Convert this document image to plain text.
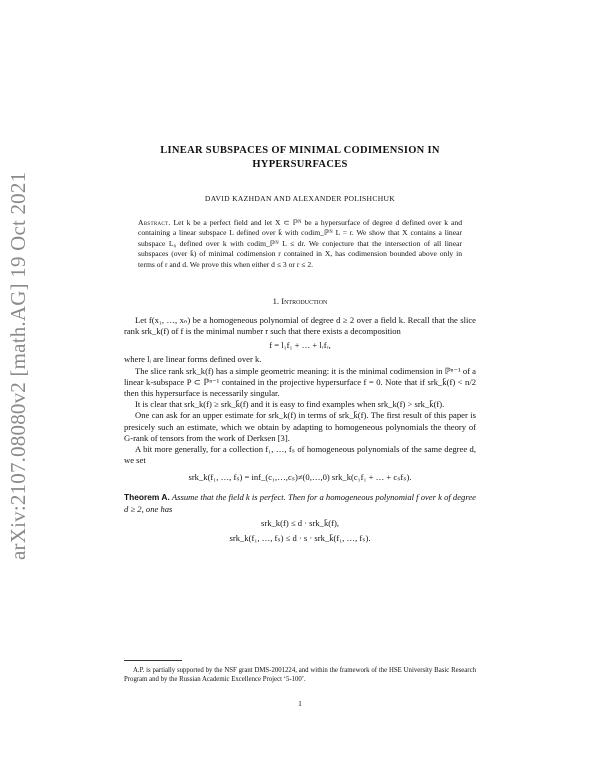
arXiv:2107.08080v2 [math.AG] 19 Oct 2021
LINEAR SUBSPACES OF MINIMAL CODIMENSION IN
HYPERSURFACES
DAVID KAZHDAN AND ALEXANDER POLISHCHUK
Abstract. Let k be a perfect field and let X ⊂ ℙᴺ be a hypersurface of degree d defined over k and containing a linear subspace L defined over k̄ with codim_ℙᴺ L = r. We show that X contains a linear subspace L₀ defined over k with codim_ℙᴺ L ≤ dr. We conjecture that the intersection of all linear subspaces (over k̄) of minimal codimension r contained in X, has codimension bounded above only in terms of r and d. We prove this when either d ≤ 3 or r ≤ 2.
1. Introduction

Let f(x₁, …, xₙ) be a homogeneous polynomial of degree d ≥ 2 over a field k. Recall that the slice rank srk_k(f) of f is the minimal number r such that there exists a decomposition

f = l₁f₁ + … + lᵣfᵣ,

where lᵢ are linear forms defined over k.

The slice rank srk_k(f) has a simple geometric meaning: it is the minimal codimension in ℙⁿ⁻¹ of a linear k-subspace P ⊂ ℙⁿ⁻¹ contained in the projective hypersurface f = 0. Note that if srk_k̄(f) < n/2 then this hypersurface is necessarily singular.

It is clear that srk_k(f) ≥ srk_k̄(f) and it is easy to find examples when srk_k(f) > srk_k̄(f).

One can ask for an upper estimate for srk_k(f) in terms of srk_k̄(f). The first result of this paper is presicely such an estimate, which we obtain by adapting to homogeneous polynomials the theory of G-rank of tensors from the work of Derksen [3].

A bit more generally, for a collection f₁, …, fₛ of homogeneous polynomials of the same degree d, we set

srk_k(f₁, …, fₛ) = inf_(c₁,…,cₛ)≠(0,…,0) srk_k(c₁f₁ + … + cₛfₛ).
Theorem A. Assume that the field k is perfect. Then for a homogeneous polynomial f over k of degree d ≥ 2, one has
srk_k(f) ≤ d · srk_k̄(f),
srk_k(f₁, …, fₛ) ≤ d · s · srk_k̄(f₁, …, fₛ).
A.P. is partially supported by the NSF grant DMS-2001224, and within the framework of the HSE University Basic Research Program and by the Russian Academic Excellence Project ‘5-100’.
1
